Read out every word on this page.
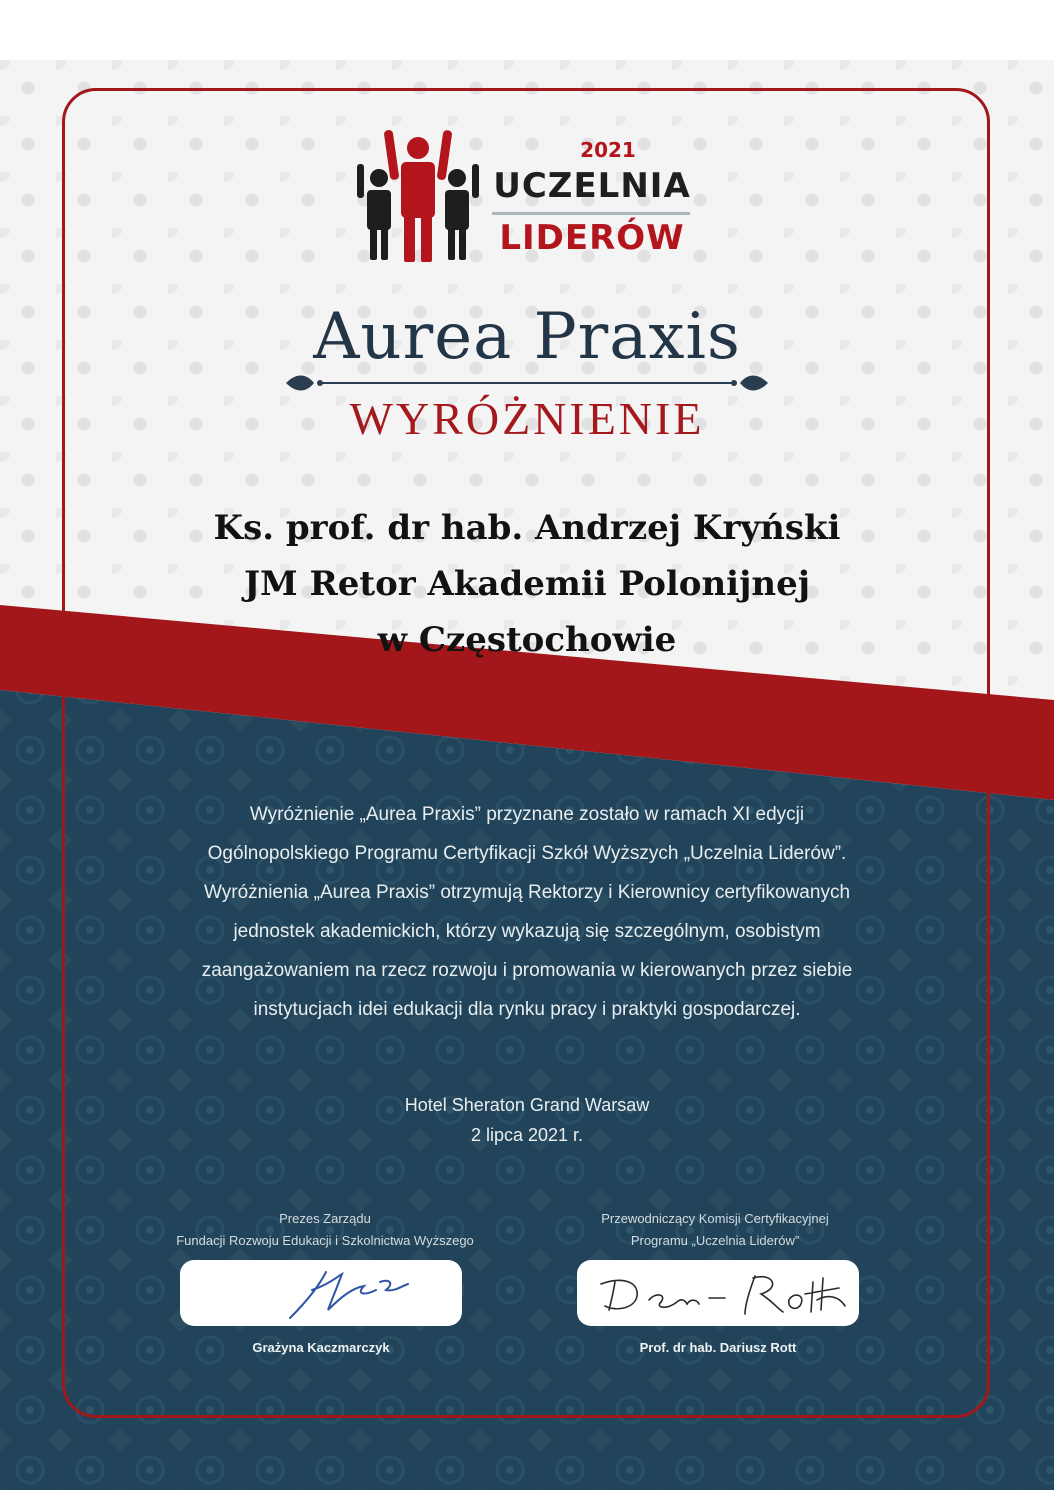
2021
UCZELNIA
LIDERÓW
Aurea Praxis
WYRÓŻNIENIE
Ks. prof. dr hab. Andrzej Kryński
JM Retor Akademii Polonijnej
w Częstochowie
Wyróżnienie „Aurea Praxis” przyznane zostało w ramach XI edycji
Ogólnopolskiego Programu Certyfikacji Szkół Wyższych „Uczelnia Liderów”.
Wyróżnienia „Aurea Praxis” otrzymują Rektorzy i Kierownicy certyfikowanych
jednostek akademickich, którzy wykazują się szczególnym, osobistym
zaangażowaniem na rzecz rozwoju i promowania w kierowanych przez siebie
instytucjach idei edukacji dla rynku pracy i praktyki gospodarczej.
Hotel Sheraton Grand Warsaw
2 lipca 2021 r.
Prezes Zarządu
Fundacji Rozwoju Edukacji i Szkolnictwa Wyższego
Przewodniczący Komisji Certyfikacyjnej
Programu „Uczelnia Liderów”
Grażyna Kaczmarczyk	Prof. dr hab. Dariusz Rott
